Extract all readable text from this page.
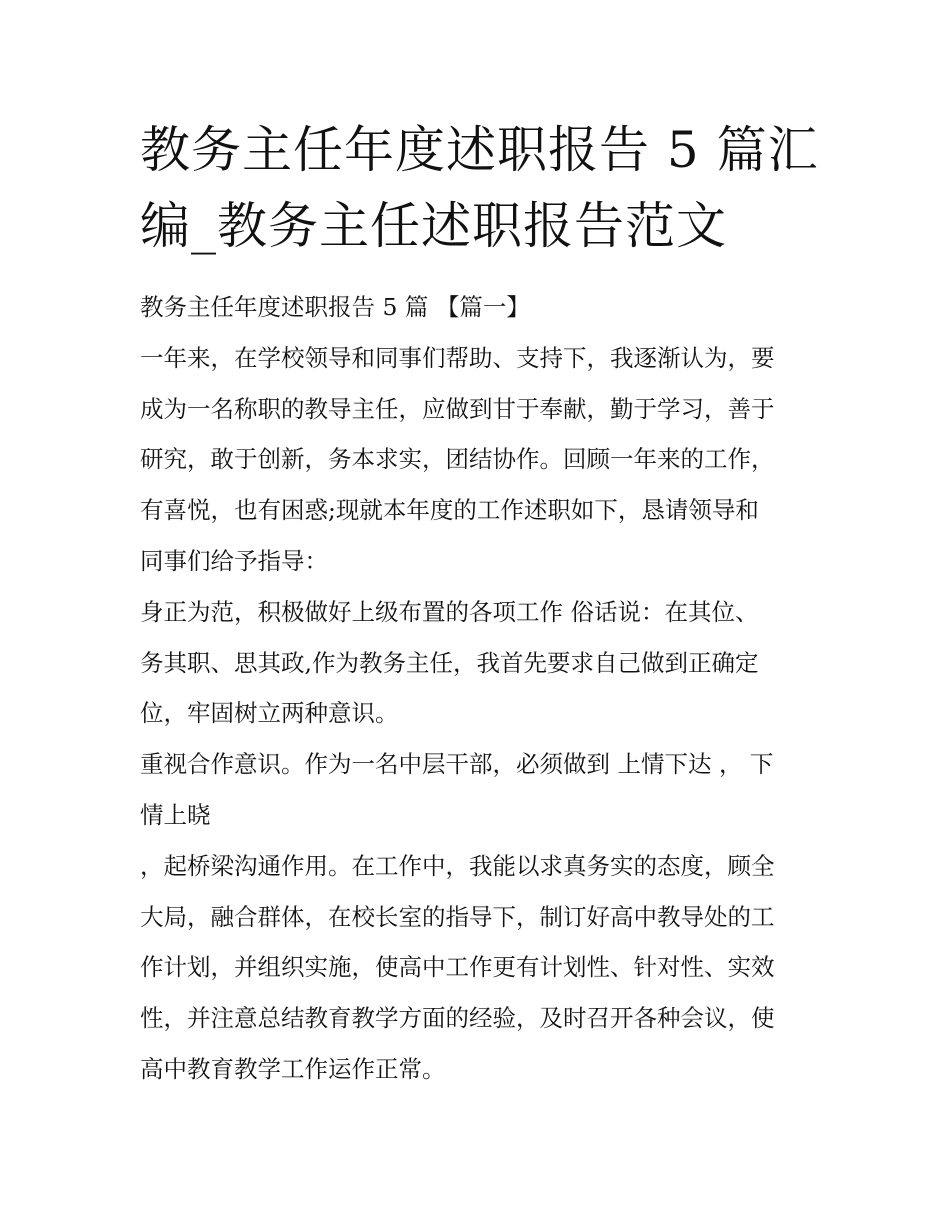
教务主任年度述职报告 5 篇汇
编_教务主任述职报告范文
教务主任年度述职报告 5 篇 【篇一】
一年来，在学校领导和同事们帮助、支持下，我逐渐认为，要
成为一名称职的教导主任，应做到甘于奉献，勤于学习，善于
研究，敢于创新，务本求实，团结协作。回顾一年来的工作，
有喜悦，也有困惑;现就本年度的工作述职如下，恳请领导和
同事们给予指导：
身正为范，积极做好上级布置的各项工作 俗话说：在其位、
务其职、思其政,作为教务主任，我首先要求自己做到正确定
位，牢固树立两种意识。
重视合作意识。作为一名中层干部，必须做到 上情下达 ， 下
情上晓
，起桥梁沟通作用。在工作中，我能以求真务实的态度，顾全
大局，融合群体，在校长室的指导下，制订好高中教导处的工
作计划，并组织实施，使高中工作更有计划性、针对性、实效
性，并注意总结教育教学方面的经验，及时召开各种会议，使
高中教育教学工作运作正常。
